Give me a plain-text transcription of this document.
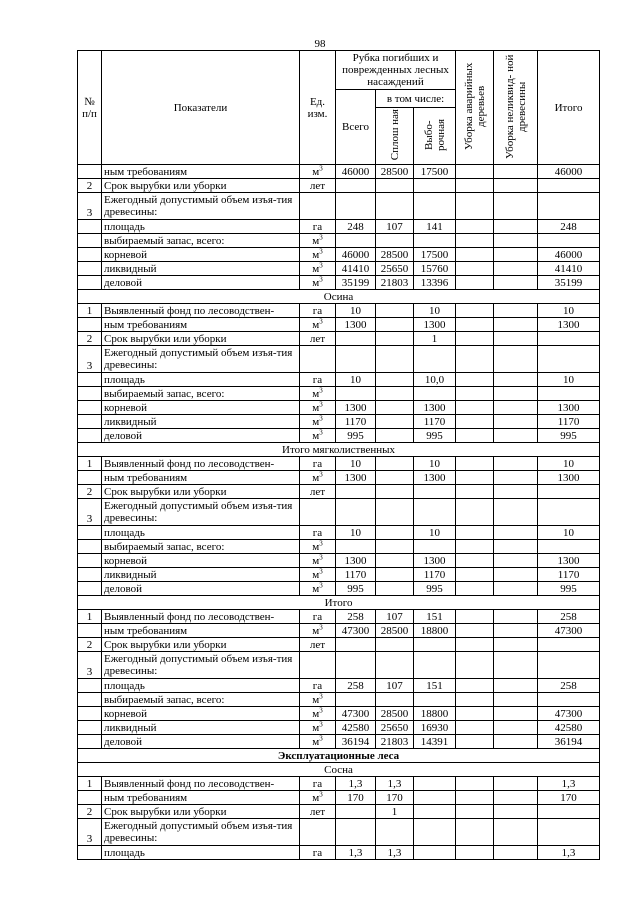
98
№ п/п	Показатели	Ед. изм.	Рубка погибших и поврежденных лесных насаждений			Уборка аварийных деревьев	Уборка неликвид- ной древесины	Итого
			Всего	в том числе:				
				Сплош ная	Выбо- рочная			
	ным требованиям	$м^3$	46000	28500	17500			46000
2	Срок вырубки или уборки	лет						
3	Ежегодный допустимый объем изъя-тия древесины:							
	площадь	га	248	107	141			248
	выбираемый запас, всего:	$м^3$						
	корневой	$м^3$	46000	28500	17500			46000
	ликвидный	$м^3$	41410	25650	15760			41410
	деловой	$м^3$	35199	21803	13396			35199
Осина								
1	Выявленный фонд по лесоводствен-	га	10		10			10
	ным требованиям	$м^3$	1300		1300			1300
2	Срок вырубки или уборки	лет			1			
3	Ежегодный допустимый объем изъя-тия древесины:							
	площадь	га	10		10,0			10
	выбираемый запас, всего:	$м^3$						
	корневой	$м^3$	1300		1300			1300
	ликвидный	$м^3$	1170		1170			1170
	деловой	$м^3$	995		995			995
Итого мягколиственных								
1	Выявленный фонд по лесоводствен-	га	10		10			10
	ным требованиям	$м^3$	1300		1300			1300
2	Срок вырубки или уборки	лет						
3	Ежегодный допустимый объем изъя-тия древесины:							
	площадь	га	10		10			10
	выбираемый запас, всего:	$м^3$						
	корневой	$м^3$	1300		1300			1300
	ликвидный	$м^3$	1170		1170			1170
	деловой	$м^3$	995		995			995
Итого								
1	Выявленный фонд по лесоводствен-	га	258	107	151			258
	ным требованиям	$м^3$	47300	28500	18800			47300
2	Срок вырубки или уборки	лет						
3	Ежегодный допустимый объем изъя-тия древесины:							
	площадь	га	258	107	151			258
	выбираемый запас, всего:	$м^3$						
	корневой	$м^3$	47300	28500	18800			47300
	ликвидный	$м^3$	42580	25650	16930			42580
	деловой	$м^3$	36194	21803	14391			36194
Эксплуатационные леса								
Сосна								
1	Выявленный фонд по лесоводствен-	га	1,3	1,3				1,3
	ным требованиям	$м^3$	170	170				170
2	Срок вырубки или уборки	лет		1				
3	Ежегодный допустимый объем изъя-тия древесины:							
	площадь	га	1,3	1,3				1,3
